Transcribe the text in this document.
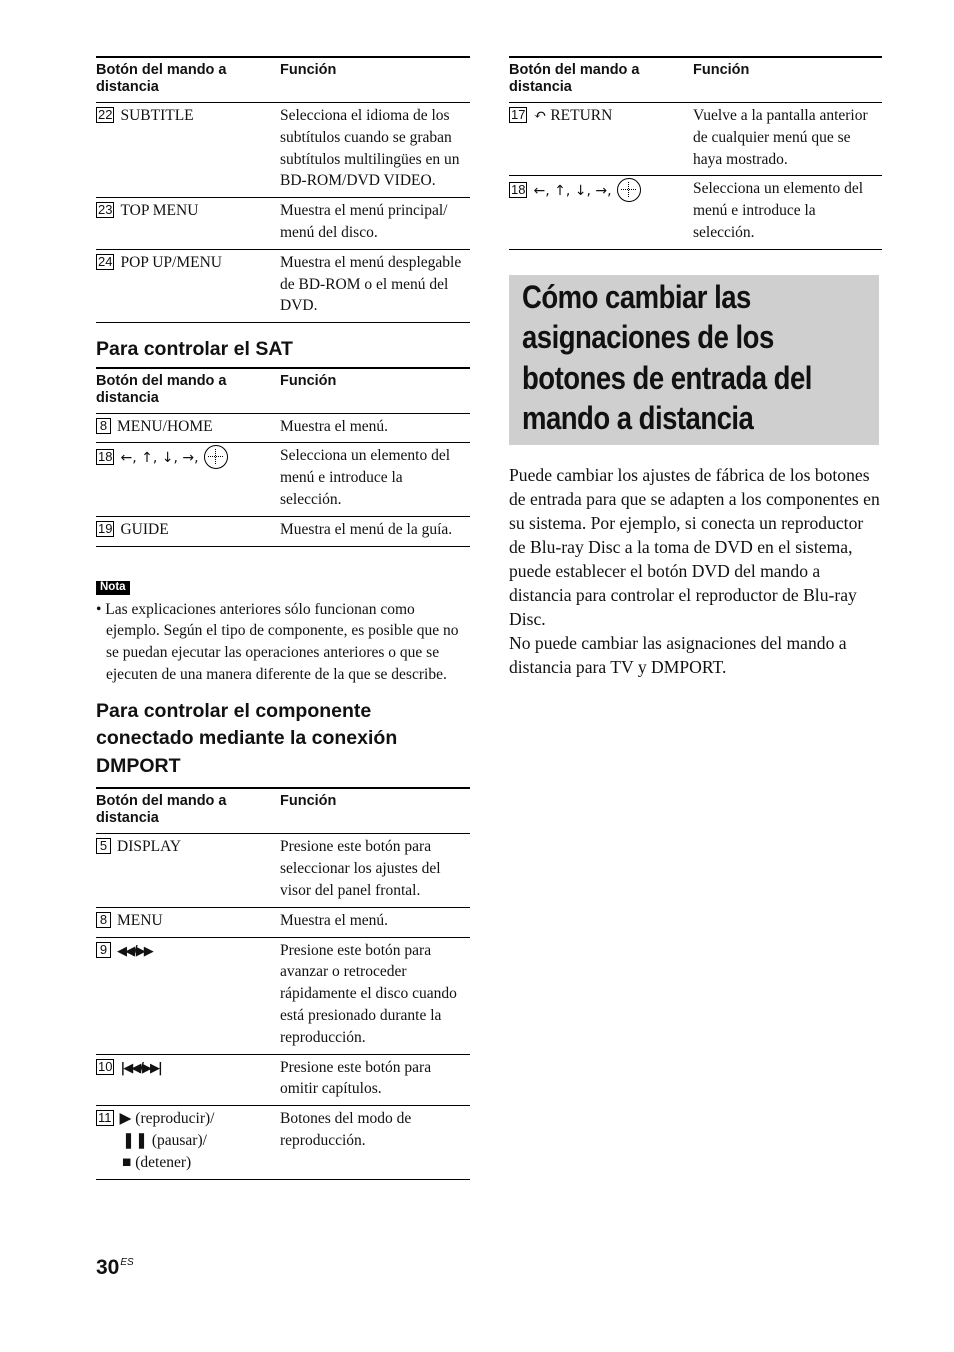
Botón del mando a distancia	Función
22 SUBTITLE	Selecciona el idioma de los subtítulos cuando se graban subtítulos multilingües en un BD-ROM/DVD VIDEO.
23 TOP MENU	Muestra el menú principal/ menú del disco.
24 POP UP/MENU	Muestra el menú desplegable de BD-ROM o el menú del DVD.
Para controlar el SAT
Botón del mando a distancia	Función
8 MENU/HOME	Muestra el menú.
18 ←, ↑, ↓, →,	Selecciona un elemento del menú e introduce la selección.
19 GUIDE	Muestra el menú de la guía.
Nota

• Las explicaciones anteriores sólo funcionan como ejemplo. Según el tipo de componente, es posible que no se puedan ejecutar las operaciones anteriores o que se ejecuten de una manera diferente de la que se describe.

Para controlar el componente conectado mediante la conexión DMPORT
Botón del mando a distancia	Función
5 DISPLAY	Presione este botón para seleccionar los ajustes del visor del panel frontal.
8 MENU	Muestra el menú.
9 ◀◀/▶▶	Presione este botón para avanzar o retroceder rápidamente el disco cuando está presionado durante la reproducción.
10 |◀◀/▶▶|	Presione este botón para omitir capítulos.
11 ▶ (reproducir)/
❚❚ (pausar)/
■ (detener)	Botones del modo de reproducción.
Botón del mando a distancia	Función
17 ↶ RETURN	Vuelve a la pantalla anterior de cualquier menú que se haya mostrado.
18 ←, ↑, ↓, →,	Selecciona un elemento del menú e introduce la selección.
Cómo cambiar las asignaciones de los botones de entrada del mando a distancia

Puede cambiar los ajustes de fábrica de los botones de entrada para que se adapten a los componentes en su sistema. Por ejemplo, si conecta un reproductor de Blu-ray Disc a la toma de DVD en el sistema, puede establecer el botón DVD del mando a distancia para controlar el reproductor de Blu-ray Disc.

No puede cambiar las asignaciones del mando a distancia para TV y DMPORT.

$30^{ES}$
